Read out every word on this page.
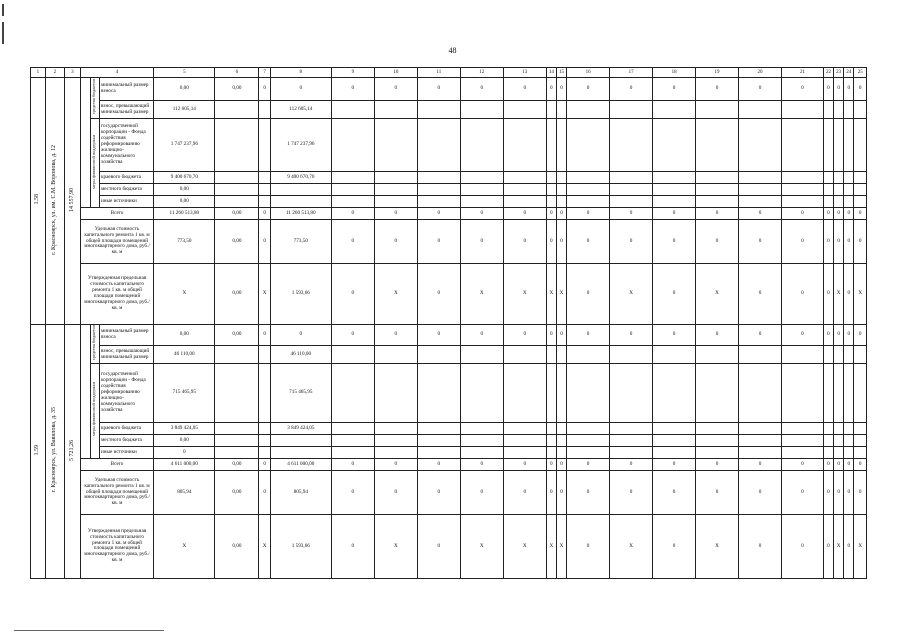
48
1	2	3	4			5	6	7	8	9	10	11	12	13	14	15	16	17	18	19	20	21	22	23	24	25
1.58	г. Красноярск, ул. им. С.М. Воронова, д. 12	14 557,90		средства бюджетов	минимальный размер взноса	0,00	0,00	0	0	0	0	0	0	0	0	0	0	0	0	0	0	0	0	0	0	0
					взнос, превышающий минимальный размер	112 605,14			112 605,14																	
				меры финансовой поддержки	государственной корпорации - Фонда содействия реформированию жилищно-коммунального хозяйства	1 747 237,96			1 747 237,96																	
					краевого бюджета	9 400 670,70			9 400 670,70																	
					местного бюджета	0,00																				
					иные источники	0,00																				
			Всего			11 260 513,80	0,00	0	11 260 513,80	0	0	0	0	0	0	0	0	0	0	0	0	0	0	0	0	0
			Удельная стоимость капитального ремонта 1 кв. м общей площади помещений многоквартирного дома, руб./кв. м			773,50	0,00	0	773,50	0	0	0	0	0	0	0	0	0	0	0	0	0	0	0	0	0
			Утвержденная предельная стоимость капитального ремонта 1 кв. м общей площади помещений многоквартирного дома, руб./кв. м			X	0,00	X	1 593,66	0	X	0	X	X	X	X	0	X	0	X	0	0	0	X	0	X
1.59	г. Красноярск, ул. Вавилова, д. 35	5 721,26		средства бюджетов	минимальный размер взноса	0,00	0,00	0	0	0	0	0	0	0	0	0	0	0	0	0	0	0	0	0	0	0
					взнос, превышающий минимальный размер	46 110,00			46 110,00																	
				меры финансовой поддержки	государственной корпорации - Фонда содействия реформированию жилищно-коммунального хозяйства	715 465,95			715 465,95																	
					краевого бюджета	3 849 424,05			3 849 424,05																	
					местного бюджета	0,00																				
					иные источники	0																				
			Всего			4 611 000,00	0,00	0	4 611 000,00	0	0	0	0	0	0	0	0	0	0	0	0	0	0	0	0	0
			Удельная стоимость капитального ремонта 1 кв. м общей площади помещений многоквартирного дома, руб./кв. м			805,94	0,00	0	805,94	0	0	0	0	0	0	0	0	0	0	0	0	0	0	0	0	0
			Утвержденная предельная стоимость капитального ремонта 1 кв. м общей площади помещений многоквартирного дома, руб./кв. м			X	0,00	X	1 593,66	0	X	0	X	X	X	X	0	X	0	X	0	0	0	X	0	X
